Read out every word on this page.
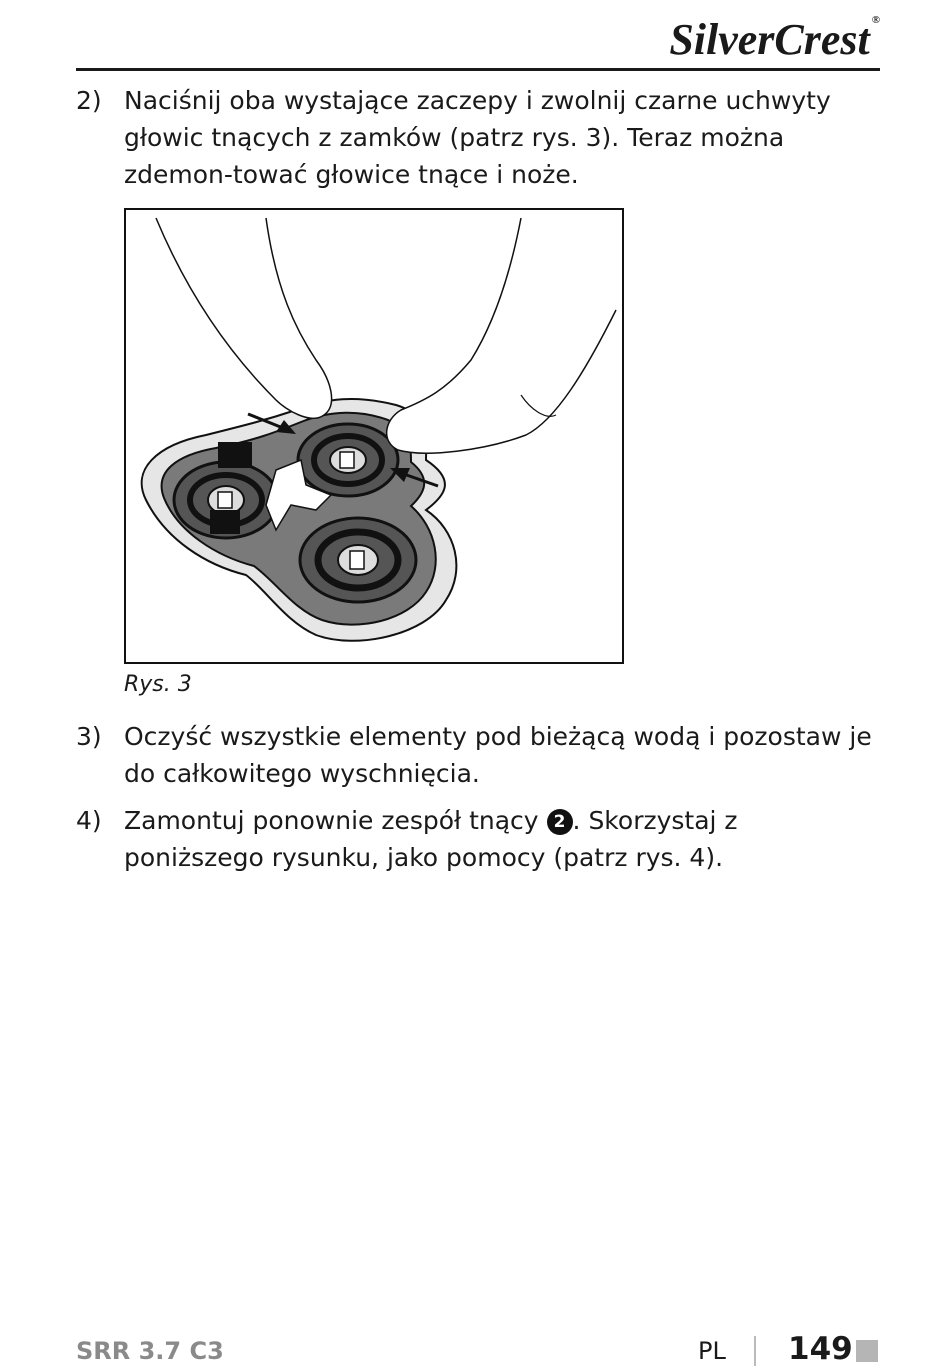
SilverCrest ®
2) Naciśnij oba wystające zaczepy i zwolnij czarne uchwyty głowic tnących z zamków (patrz rys. 3). Teraz można zdemon-tować głowice tnące i noże.
Rys. 3
3) Oczyść wszystkie elementy pod bieżącą wodą i pozostaw je do całkowitego wyschnięcia.
4) Zamontuj ponownie zespół tnący 2 . Skorzystaj z poniższego rysunku, jako pomocy (patrz rys. 4).
SRR 3.7 C3	PL 149
